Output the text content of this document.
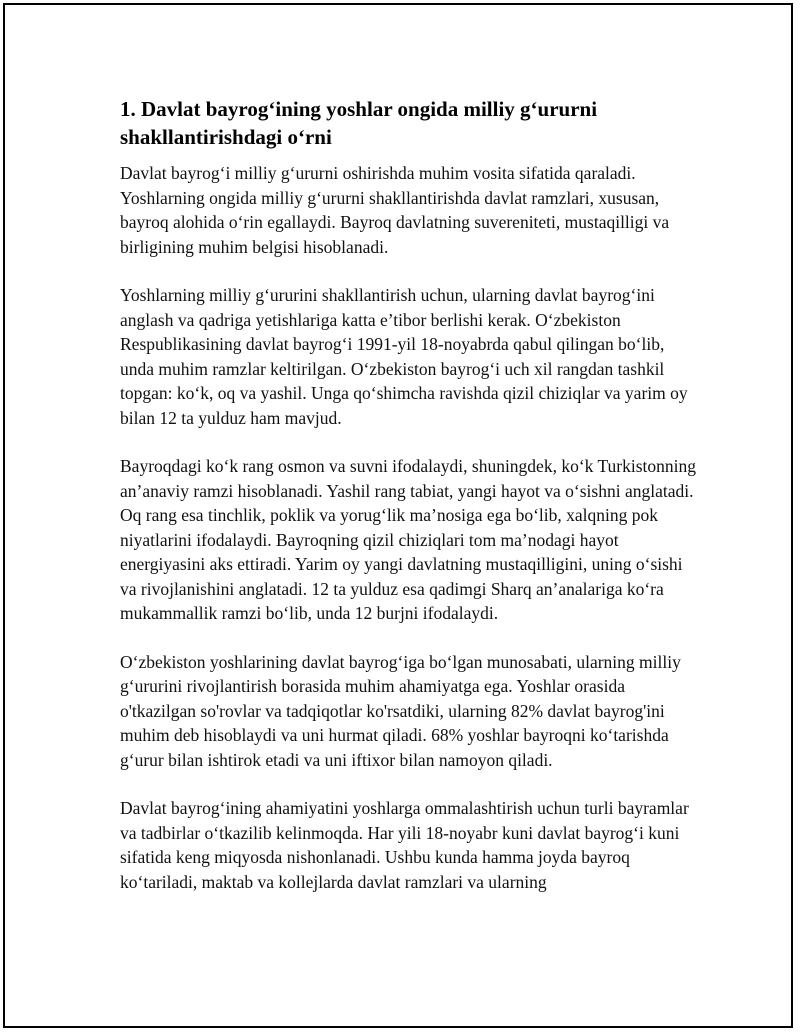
1. Davlat bayrog‘ining yoshlar ongida milliy g‘ururni shakllantirishdagi o‘rni

Davlat bayrog‘i milliy g‘ururni oshirishda muhim vosita sifatida qaraladi. Yoshlarning ongida milliy g‘ururni shakllantirishda davlat ramzlari, xususan, bayroq alohida o‘rin egallaydi. Bayroq davlatning suvereniteti, mustaqilligi va birligining muhim belgisi hisoblanadi.

Yoshlarning milliy g‘ururini shakllantirish uchun, ularning davlat bayrog‘ini anglash va qadriga yetishlariga katta e’tibor berlishi kerak. O‘zbekiston Respublikasining davlat bayrog‘i 1991-yil 18-noyabrda qabul qilingan bo‘lib, unda muhim ramzlar keltirilgan. O‘zbekiston bayrog‘i uch xil rangdan tashkil topgan: ko‘k, oq va yashil. Unga qo‘shimcha ravishda qizil chiziqlar va yarim oy bilan 12 ta yulduz ham mavjud.

Bayroqdagi ko‘k rang osmon va suvni ifodalaydi, shuningdek, ko‘k Turkistonning an’anaviy ramzi hisoblanadi. Yashil rang tabiat, yangi hayot va o‘sishni anglatadi. Oq rang esa tinchlik, poklik va yorug‘lik ma’nosiga ega bo‘lib, xalqning pok niyatlarini ifodalaydi. Bayroqning qizil chiziqlari tom ma’nodagi hayot energiyasini aks ettiradi. Yarim oy yangi davlatning mustaqilligini, uning o‘sishi va rivojlanishini anglatadi. 12 ta yulduz esa qadimgi Sharq an’analariga ko‘ra mukammallik ramzi bo‘lib, unda 12 burjni ifodalaydi.

O‘zbekiston yoshlarining davlat bayrog‘iga bo‘lgan munosabati, ularning milliy g‘ururini rivojlantirish borasida muhim ahamiyatga ega. Yoshlar orasida o'tkazilgan so'rovlar va tadqiqotlar ko'rsatdiki, ularning 82% davlat bayrog'ini muhim deb hisoblaydi va uni hurmat qiladi. 68% yoshlar bayroqni ko‘tarishda g‘urur bilan ishtirok etadi va uni iftixor bilan namoyon qiladi.

Davlat bayrog‘ining ahamiyatini yoshlarga ommalashtirish uchun turli bayramlar va tadbirlar o‘tkazilib kelinmoqda. Har yili 18-noyabr kuni davlat bayrog‘i kuni sifatida keng miqyosda nishonlanadi. Ushbu kunda hamma joyda bayroq ko‘tariladi, maktab va kollejlarda davlat ramzlari va ularning
